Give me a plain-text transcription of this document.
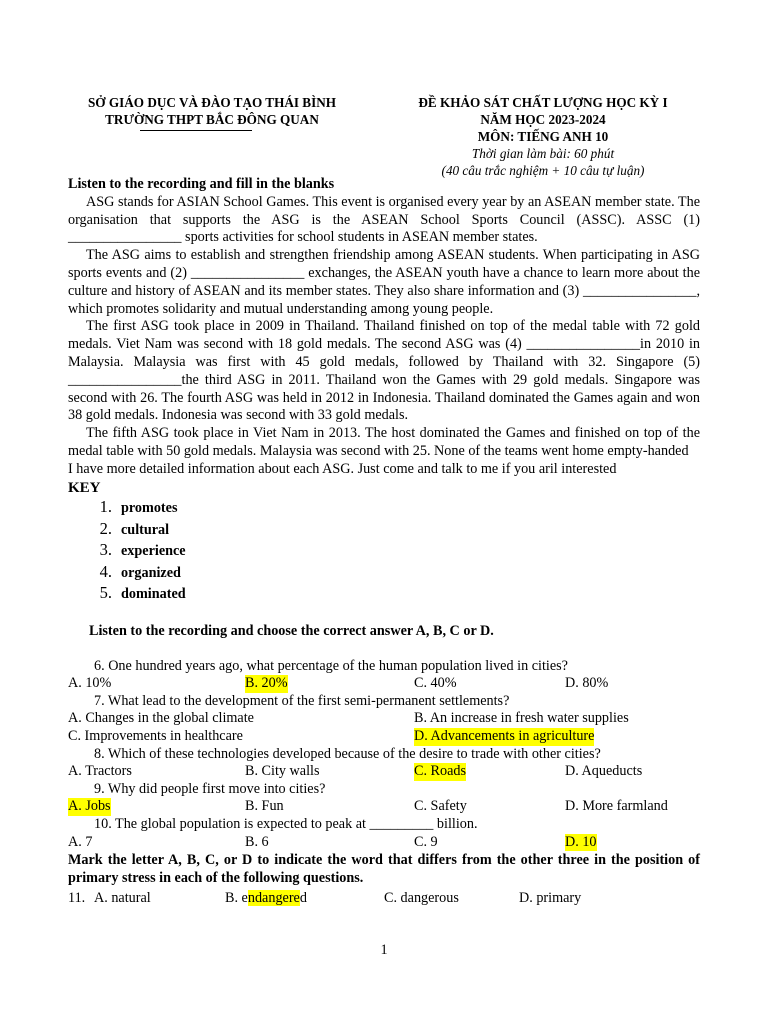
SỞ GIÁO DỤC VÀ ĐÀO TẠO THÁI BÌNH
TRƯỜNG THPT BẮC ĐÔNG QUAN
ĐỀ KHẢO SÁT CHẤT LƯỢNG HỌC KỲ I
NĂM HỌC 2023-2024
MÔN: TIẾNG ANH 10
Thời gian làm bài: 60 phút
(40 câu trắc nghiệm + 10 câu tự luận)
Listen to the recording and fill in the blanks
ASG stands for ASIAN School Games. This event is organised every year by an ASEAN member state. The organisation that supports the ASG is the ASEAN School Sports Council (ASSC). ASSC (1) ________________ sports activities for school students in ASEAN member states.
The ASG aims to establish and strengthen friendship among ASEAN students. When participating in ASG sports events and (2) ________________ exchanges, the ASEAN youth have a chance to learn more about the culture and history of ASEAN and its member states. They also share information and (3) ________________, which promotes solidarity and mutual understanding among young people.
The first ASG took place in 2009 in Thailand. Thailand finished on top of the medal table with 72 gold medals. Viet Nam was second with 18 gold medals. The second ASG was (4) ________________in 2010 in Malaysia. Malaysia was first with 45 gold medals, followed by Thailand with 32. Singapore (5) ________________the third ASG in 2011. Thailand won the Games with 29 gold medals. Singapore was second with 26. The fourth ASG was held in 2012 in Indonesia. Thailand dominated the Games again and won 38 gold medals. Indonesia was second with 33 gold medals.
The fifth ASG took place in Viet Nam in 2013. The host dominated the Games and finished on top of the medal table with 50 gold medals. Malaysia was second with 25. None of the teams went home empty-handed
I have more detailed information about each ASG. Just come and talk to me if you aril interested
KEY
1. promotes
2. cultural
3. experience
4. organized
5. dominated
Listen to the recording and choose the correct answer A, B, C or D.
6. One hundred years ago, what percentage of the human population lived in cities?
A. 10%	B. 20%	C. 40%	D. 80%
7. What lead to the development of the first semi-permanent settlements?
A. Changes in the global climate	B. An increase in fresh water supplies
C. Improvements in healthcare	D. Advancements in agriculture
8. Which of these technologies developed because of the desire to trade with other cities?
A. Tractors	B. City walls	C. Roads	D. Aqueducts
9. Why did people first move into cities?
A. Jobs	B. Fun	C. Safety	D. More farmland
10. The global population is expected to peak at _________ billion.
A. 7	B. 6	C. 9	D. 10
Mark the letter A, B, C, or D to indicate the word that differs from the other three in the position of primary stress in each of the following questions.
11. A. natural	B. endangered	C. dangerous	D. primary
1
